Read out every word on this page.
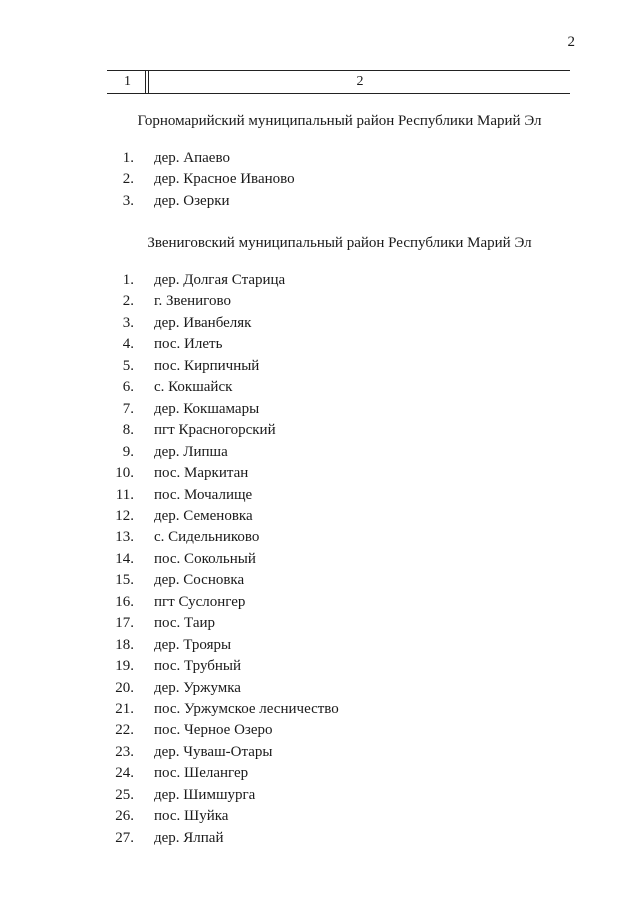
2
1	2
Горномарийский муниципальный район Республики Марий Эл
1. дер. Апаево
2. дер. Красное Иваново
3. дер. Озерки
Звениговский муниципальный район Республики Марий Эл
1. дер. Долгая Старица
2. г. Звенигово
3. дер. Иванбеляк
4. пос. Илеть
5. пос. Кирпичный
6. с. Кокшайск
7. дер. Кокшамары
8. пгт Красногорский
9. дер. Липша
10. пос. Маркитан
11. пос. Мочалище
12. дер. Семеновка
13. с. Сидельниково
14. пос. Сокольный
15. дер. Сосновка
16. пгт Суслонгер
17. пос. Таир
18. дер. Трояры
19. пос. Трубный
20. дер. Уржумка
21. пос. Уржумское лесничество
22. пос. Черное Озеро
23. дер. Чуваш-Отары
24. пос. Шелангер
25. дер. Шимшурга
26. пос. Шуйка
27. дер. Ялпай
